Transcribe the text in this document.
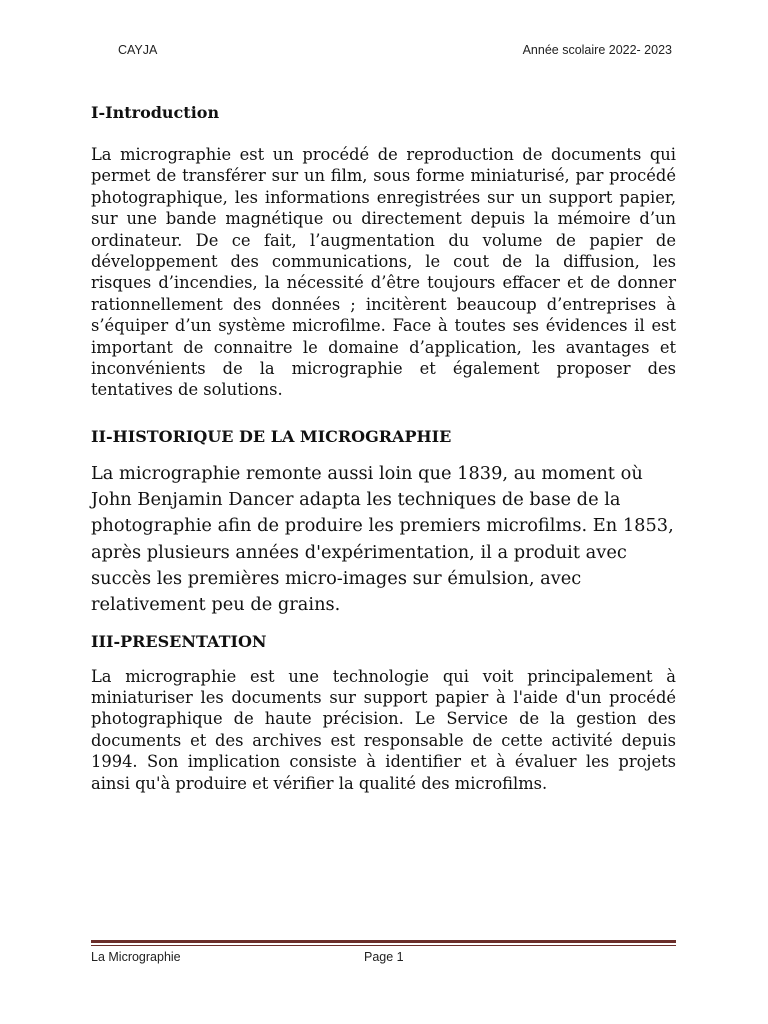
CAYJA	Année scolaire 2022- 2023
I-Introduction

La micrographie est un procédé de reproduction de documents qui permet de transférer sur un film, sous forme miniaturisé, par procédé photographique, les informations enregistrées sur un support papier, sur une bande magnétique ou directement depuis la mémoire d’un ordinateur. De ce fait, l’augmentation du volume de papier de développement des communications, le cout de la diffusion, les risques d’incendies, la nécessité d’être toujours effacer et de donner rationnellement des données ; incitèrent beaucoup d’entreprises à s’équiper d’un système microfilme. Face à toutes ses évidences il est important de connaitre le domaine d’application, les avantages et inconvénients de la micrographie et également proposer des tentatives de solutions.

II-HISTORIQUE DE LA MICROGRAPHIE

La micrographie remonte aussi loin que 1839, au moment où John Benjamin Dancer adapta les techniques de base de la photographie afin de produire les premiers microfilms. En 1853, après plusieurs années d'expérimentation, il a produit avec succès les premières micro-images sur émulsion, avec relativement peu de grains.

III-PRESENTATION

La micrographie est une technologie qui voit principalement à miniaturiser les documents sur support papier à l'aide d'un procédé photographique de haute précision. Le Service de la gestion des documents et des archives est responsable de cette activité depuis 1994. Son implication consiste à identifier et à évaluer les projets ainsi qu'à produire et vérifier la qualité des microfilms.

La Micrographie	Page 1
